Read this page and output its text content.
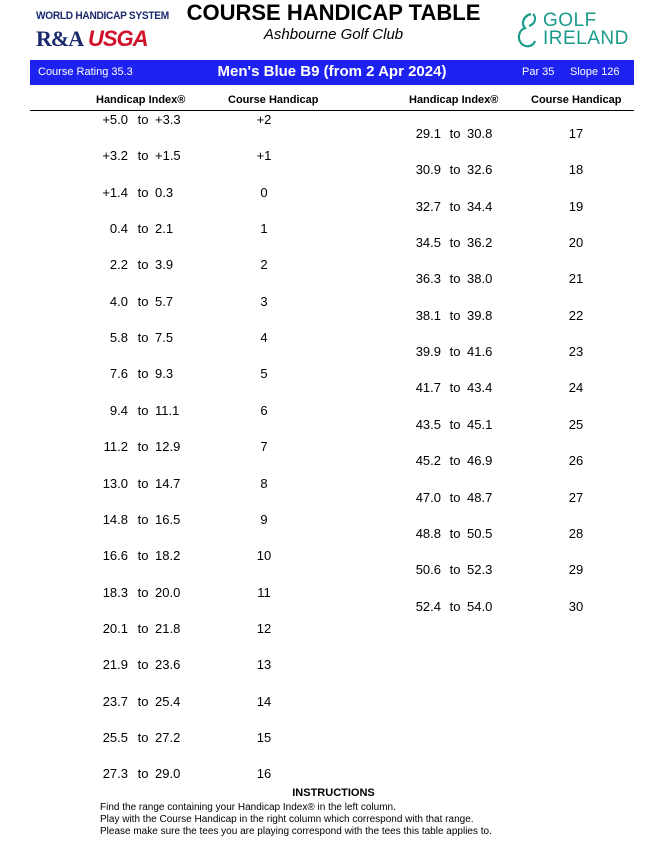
WORLD HANDICAP SYSTEM
R&A USGA
GOLF
IRELAND
COURSE HANDICAP TABLE
Ashbourne Golf Club
Course Rating 35.3	Men's Blue B9 (from 2 Apr 2024)	Par 35 Slope 126
Handicap Index®	Course Handicap	Handicap Index®	Course Handicap
+5.0 to +3.3	+2
+3.2 to +1.5	+1
+1.4 to 0.3	0
0.4 to 2.1	1
2.2 to 3.9	2
4.0 to 5.7	3
5.8 to 7.5	4
7.6 to 9.3	5
9.4 to 11.1	6
11.2 to 12.9	7
13.0 to 14.7	8
14.8 to 16.5	9
16.6 to 18.2	10
18.3 to 20.0	11
20.1 to 21.8	12
21.9 to 23.6	13
23.7 to 25.4	14
25.5 to 27.2	15
27.3 to 29.0	16
29.1 to 30.8	17
30.9 to 32.6	18
32.7 to 34.4	19
34.5 to 36.2	20
36.3 to 38.0	21
38.1 to 39.8	22
39.9 to 41.6	23
41.7 to 43.4	24
43.5 to 45.1	25
45.2 to 46.9	26
47.0 to 48.7	27
48.8 to 50.5	28
50.6 to 52.3	29
52.4 to 54.0	30
INSTRUCTIONS
Find the range containing your Handicap Index® in the left column.
Play with the Course Handicap in the right column which correspond with that range.
Please make sure the tees you are playing correspond with the tees this table applies to.
